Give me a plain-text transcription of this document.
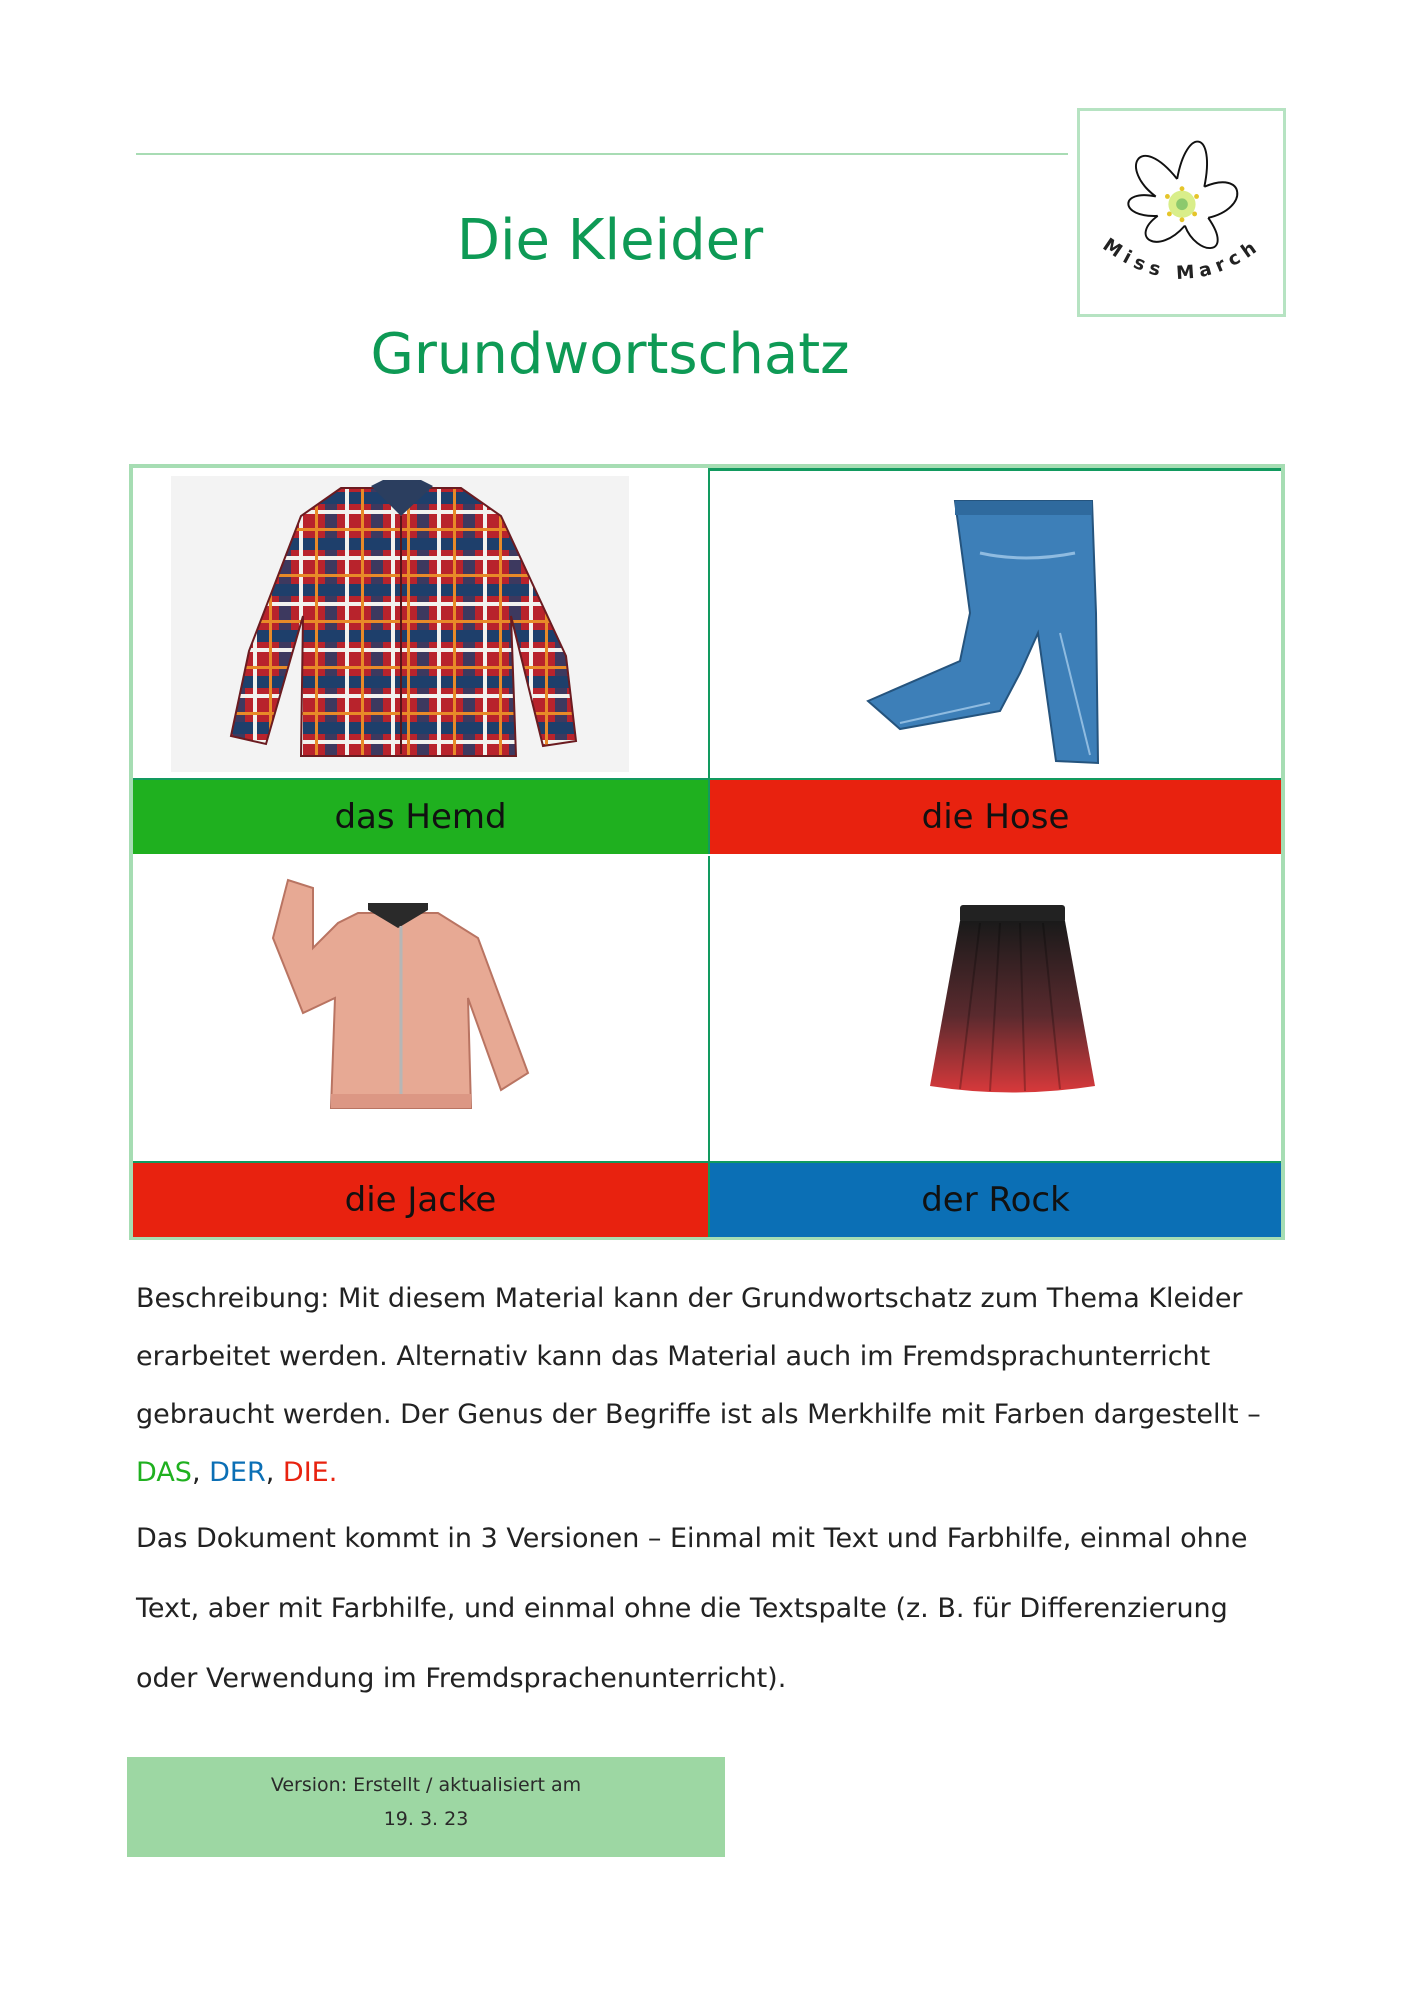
Miss March
Die Kleider
Grundwortschatz
das Hemd	die Hose
die Jacke	der Rock

Beschreibung: Mit diesem Material kann der Grundwortschatz zum Thema Kleider erarbeitet werden. Alternativ kann das Material auch im Fremdsprachunterricht gebraucht werden. Der Genus der Begriffe ist als Merkhilfe mit Farben dargestellt –
DAS, DER, DIE.

Das Dokument kommt in 3 Versionen – Einmal mit Text und Farbhilfe, einmal ohne Text, aber mit Farbhilfe, und einmal ohne die Textspalte (z. B. für Differenzierung oder Verwendung im Fremdsprachenunterricht).

Version: Erstellt / aktualisiert am
19. 3. 23
